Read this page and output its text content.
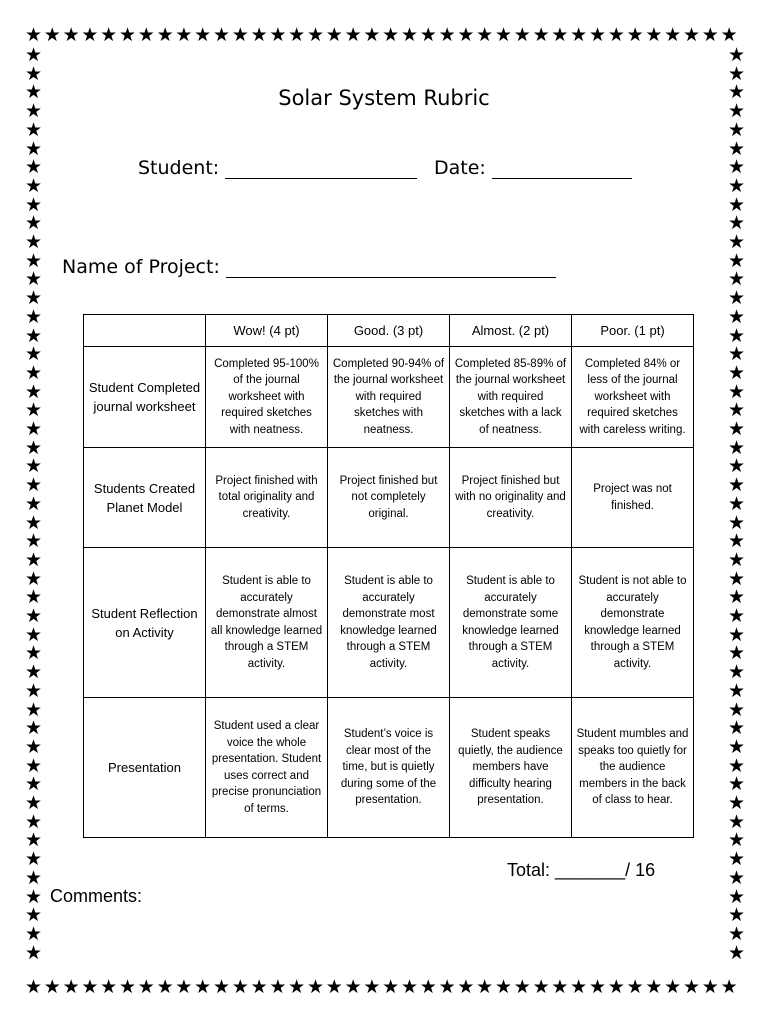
★ ★ ★ ★ ★ ★ ★ ★ ★ ★ ★ ★ ★ ★ ★ ★ ★ ★ ★ ★ ★ ★ ★ ★ ★ ★ ★ ★ ★ ★ ★ ★ ★ ★ ★ ★ ★ ★
★ ★ ★ ★ ★ ★ ★ ★ ★ ★ ★ ★ ★ ★ ★ ★ ★ ★ ★ ★ ★ ★ ★ ★ ★ ★ ★ ★ ★ ★ ★ ★ ★ ★ ★ ★ ★ ★
★
★
★
★
★
★
★
★
★
★
★
★
★
★
★
★
★
★
★
★
★
★
★
★
★
★
★
★
★
★
★
★
★
★
★
★
★
★
★
★
★
★
★
★
★
★
★
★
★
★
★
★
★
★
★
★
★
★
★
★
★
★
★
★
★
★
★
★
★
★
★
★
★
★
★
★
★
★
★
★
★
★
★
★
★
★
★
★
★
★
★
★
★
★
★
★
★
★
Solar System Rubric
Student:	Date:
Name of Project:
	Wow! (4 pt)	Good. (3 pt)	Almost. (2 pt)	Poor. (1 pt)
Student Completed journal worksheet	Completed 95-100% of the journal worksheet with required sketches with neatness.	Completed 90-94% of the journal worksheet with required sketches with neatness.	Completed 85-89% of the journal worksheet with required sketches with a lack of neatness.	Completed 84% or less of the journal worksheet with required sketches with careless writing.
Students Created Planet Model	Project finished with total originality and creativity.	Project finished but not completely original.	Project finished but with no originality and creativity.	Project was not finished.
Student Reflection on Activity	Student is able to accurately demonstrate almost all knowledge learned through a STEM activity.	Student is able to accurately demonstrate most knowledge learned through a STEM activity.	Student is able to accurately demonstrate some knowledge learned through a STEM activity.	Student is not able to accurately demonstrate knowledge learned through a STEM activity.
Presentation	Student used a clear voice the whole presentation. Student uses correct and precise pronunciation of terms.	Student’s voice is clear most of the time, but is quietly during some of the presentation.	Student speaks quietly, the audience members have difficulty hearing presentation.	Student mumbles and speaks too quietly for the audience members in the back of class to hear.
Total: _______/ 16
Comments:
